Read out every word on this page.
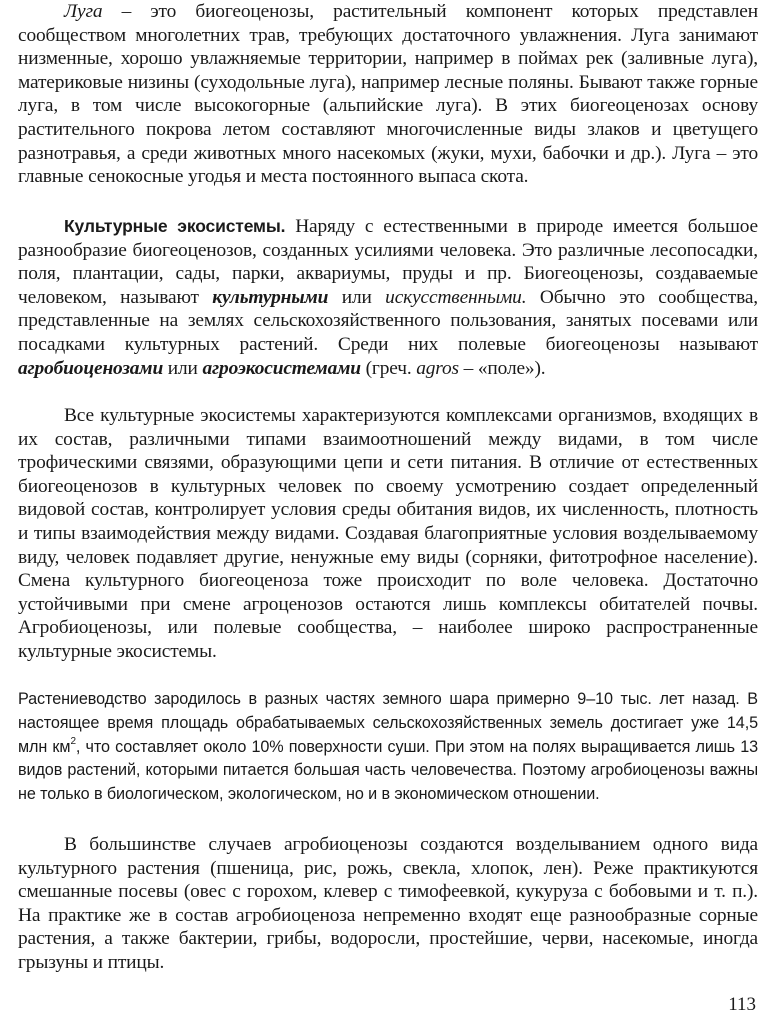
Луга – это биогеоценозы, растительный компонент которых представлен сообществом многолетних трав, требующих достаточного увлажнения. Луга занимают низменные, хорошо увлажняемые территории, например в поймах рек (заливные луга), материковые низины (суходольные луга), например лесные поляны. Бывают также горные луга, в том числе высокогорные (альпийские луга). В этих биогеоценозах основу растительного покрова летом составляют многочисленные виды злаков и цветущего разнотравья, а среди животных много насекомых (жуки, мухи, бабочки и др.). Луга – это главные сенокосные угодья и места постоянного выпаса скота.

Культурные экосистемы. Наряду с естественными в природе имеется большое разнообразие биогеоценозов, созданных усилиями человека. Это различные лесопосадки, поля, плантации, сады, парки, аквариумы, пруды и пр. Биогеоценозы, создаваемые человеком, называют культурными или искусственными. Обычно это сообщества, представленные на землях сельскохозяйственного пользования, занятых посевами или посадками культурных растений. Среди них полевые биогеоценозы называют агробиоценозами или агроэкосистемами (греч. agros – «поле»).

Все культурные экосистемы характеризуются комплексами организмов, входящих в их состав, различными типами взаимоотношений между видами, в том числе трофическими связями, образующими цепи и сети питания. В отличие от естественных биогеоценозов в культурных человек по своему усмотрению создает определенный видовой состав, контролирует условия среды обитания видов, их численность, плотность и типы взаимодействия между видами. Создавая благоприятные условия возделываемому виду, человек подавляет другие, ненужные ему виды (сорняки, фитотрофное население). Смена культурного биогеоценоза тоже происходит по воле человека. Достаточно устойчивыми при смене агроценозов остаются лишь комплексы обитателей почвы. Агробиоценозы, или полевые сообщества, – наиболее широко распространенные культурные экосистемы.

Растениеводство зародилось в разных частях земного шара примерно 9–10 тыс. лет назад. В настоящее время площадь обрабатываемых сельскохозяйственных земель достигает уже 14,5 млн $км^2$, что составляет около 10% поверхности суши. При этом на полях выращивается лишь 13 видов растений, которыми питается большая часть человечества. Поэтому агробиоценозы важны не только в биологическом, экологическом, но и в экономическом отношении.

В большинстве случаев агробиоценозы создаются возделыванием одного вида культурного растения (пшеница, рис, рожь, свекла, хлопок, лен). Реже практикуются смешанные посевы (овес с горохом, клевер с тимофеевкой, кукуруза с бобовыми и т. п.). На практике же в состав агробиоценоза непременно входят еще разнообразные сорные растения, а также бактерии, грибы, водоросли, простейшие, черви, насекомые, иногда грызуны и птицы.

113
